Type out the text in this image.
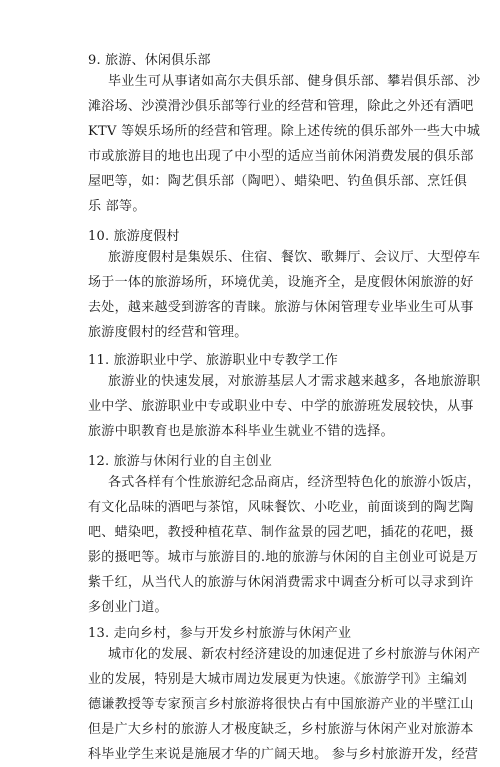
9. 旅游、休闲俱乐部
毕业生可从事诸如高尔夫俱乐部、健身俱乐部、攀岩俱乐部、沙
滩浴场、沙漠滑沙俱乐部等行业的经营和管理，除此之外还有酒吧
KTV 等娱乐场所的经营和管理。除上述传统的俱乐部外一些大中城
市或旅游目的地也出现了中小型的适应当前休闲消费发展的俱乐部
屋吧等，如：陶艺俱乐部（陶吧）、蜡染吧、钓鱼俱乐部、烹饪俱
乐 部等。
10. 旅游度假村
旅游度假村是集娱乐、住宿、餐饮、歌舞厅、会议厅、大型停车
场于一体的旅游场所，环境优美，设施齐全，是度假休闲旅游的好
去处，越来越受到游客的青睐。旅游与休闲管理专业毕业生可从事
旅游度假村的经营和管理。
11. 旅游职业中学、旅游职业中专教学工作
旅游业的快速发展，对旅游基层人才需求越来越多，各地旅游职
业中学、旅游职业中专或职业中专、中学的旅游班发展较快，从事
旅游中职教育也是旅游本科毕业生就业不错的选择。
12. 旅游与休闲行业的自主创业
各式各样有个性旅游纪念品商店，经济型特色化的旅游小饭店，
有文化品味的酒吧与茶馆，风味餐饮、小吃业，前面谈到的陶艺陶
吧、蜡染吧，教授种植花草、制作盆景的园艺吧，插花的花吧，摄
影的摄吧等。城市与旅游目的.地的旅游与休闲的自主创业可说是万
紫千红，从当代人的旅游与休闲消费需求中调查分析可以寻求到许
多创业门道。
13. 走向乡村，参与开发乡村旅游与休闲产业
城市化的发展、新农村经济建设的加速促进了乡村旅游与休闲产
业的发展，特别是大城市周边发展更为快速。《旅游学刊》主编刘
德谦教授等专家预言乡村旅游将很快占有中国旅游产业的半壁江山
但是广大乡村的旅游人才极度缺乏，乡村旅游与休闲产业对旅游本
科毕业学生来说是施展才华的广阔天地。 参与乡村旅游开发，经营
